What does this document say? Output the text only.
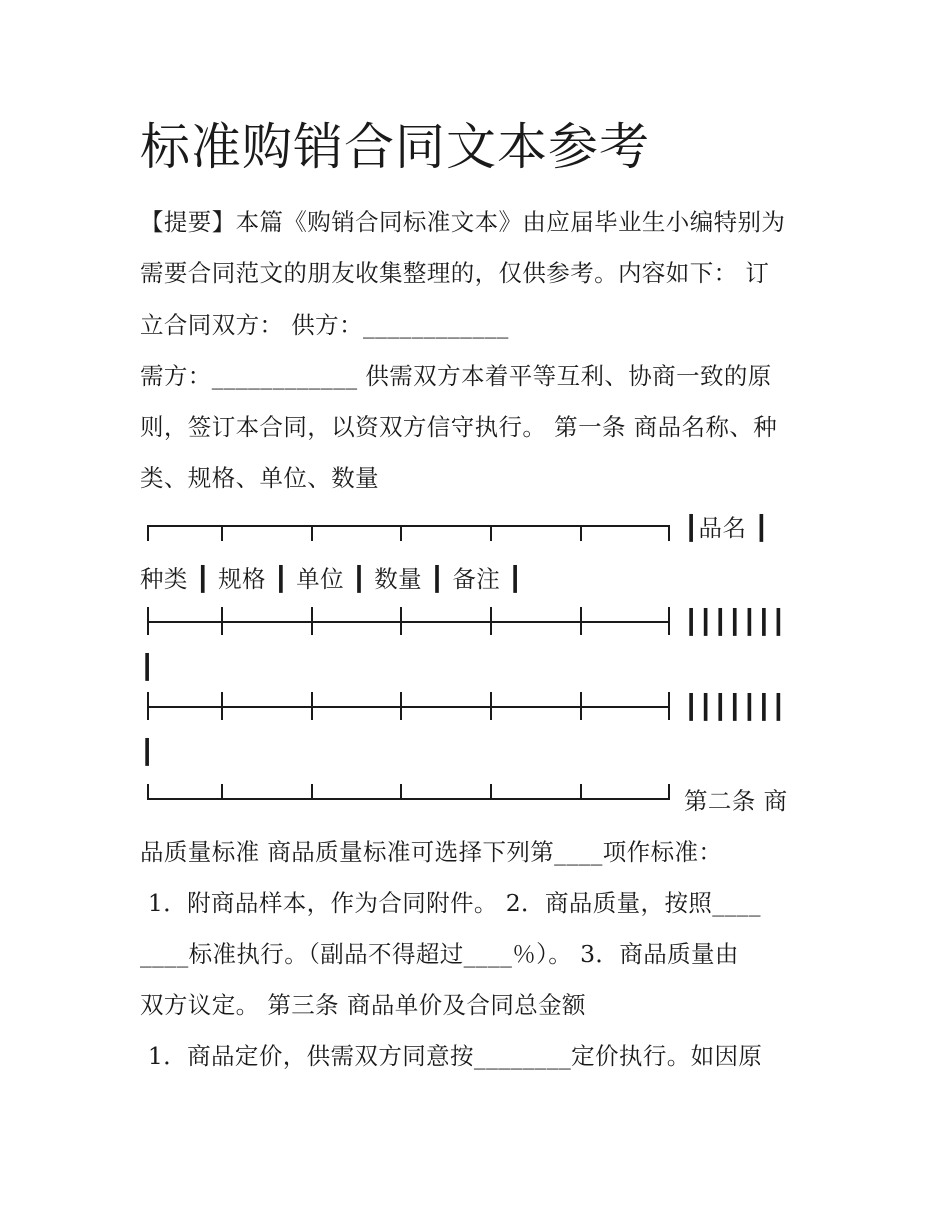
标准购销合同文本参考
【提要】本篇《购销合同标准文本》由应届毕业生小编特别为
需要合同范文的朋友收集整理的，仅供参考。内容如下： 订
立合同双方： 供方：____________
需方：____________ 供需双方本着平等互利、协商一致的原
则，签订本合同，以资双方信守执行。 第一条 商品名称、种
类、规格、单位、数量
┃品名 ┃
种类 ┃ 规格 ┃ 单位 ┃ 数量 ┃ 备注 ┃
┃┃┃┃┃┃┃
┃
┃┃┃┃┃┃┃
┃
第二条 商
品质量标准 商品质量标准可选择下列第____项作标准：
1．附商品样本，作为合同附件。 2．商品质量，按照____
____标准执行。（副品不得超过____％）。 3．商品质量由
双方议定。 第三条 商品单价及合同总金额
1．商品定价，供需双方同意按________定价执行。如因原
